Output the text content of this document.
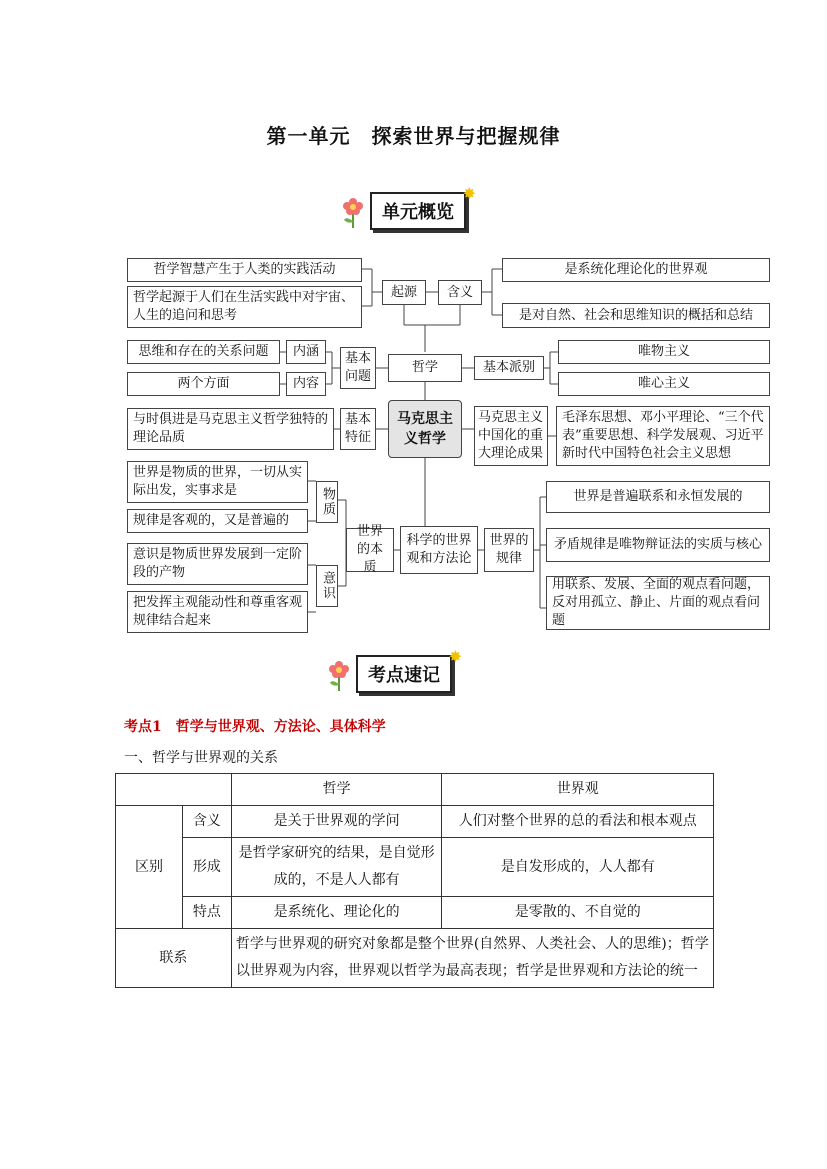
第一单元　探索世界与把握规律
单元概览
✸
哲学智慧产生于人类的实践活动
哲学起源于人们在生活实践中对宇宙、人生的追问和思考
起源	含义
是系统化理论化的世界观
是对自然、社会和思维知识的概括和总结
思维和存在的关系问题	内涵
两个方面	内容
基本问题
哲学	基本派别
唯物主义
唯心主义
与时俱进是马克思主义哲学独特的理论品质
基本特征
马克思主义哲学
马克思主义中国化的重大理论成果
毛泽东思想、邓小平理论、“三个代表”重要思想、科学发展观、习近平新时代中国特色社会主义思想
世界是物质的世界，一切从实际出发，实事求是
规律是客观的，又是普遍的
物质
意识是物质世界发展到一定阶段的产物
把发挥主观能动性和尊重客观规律结合起来
意识
世界的本质
科学的世界观和方法论
世界的规律
世界是普遍联系和永恒发展的
矛盾规律是唯物辩证法的实质与核心
用联系、发展、全面的观点看问题，反对用孤立、静止、片面的观点看问题
考点速记
✸
考点1　哲学与世界观、方法论、具体科学
一、哲学与世界观的关系
		哲学	世界观
区别	含义	是关于世界观的学问	人们对整个世界的总的看法和根本观点
	形成	是哲学家研究的结果，是自觉形成的，不是人人都有	是自发形成的，人人都有
	特点	是系统化、理论化的	是零散的、不自觉的
联系		哲学与世界观的研究对象都是整个世界(自然界、人类社会、人的思维)；哲学以世界观为内容，世界观以哲学为最高表现；哲学是世界观和方法论的统一	
